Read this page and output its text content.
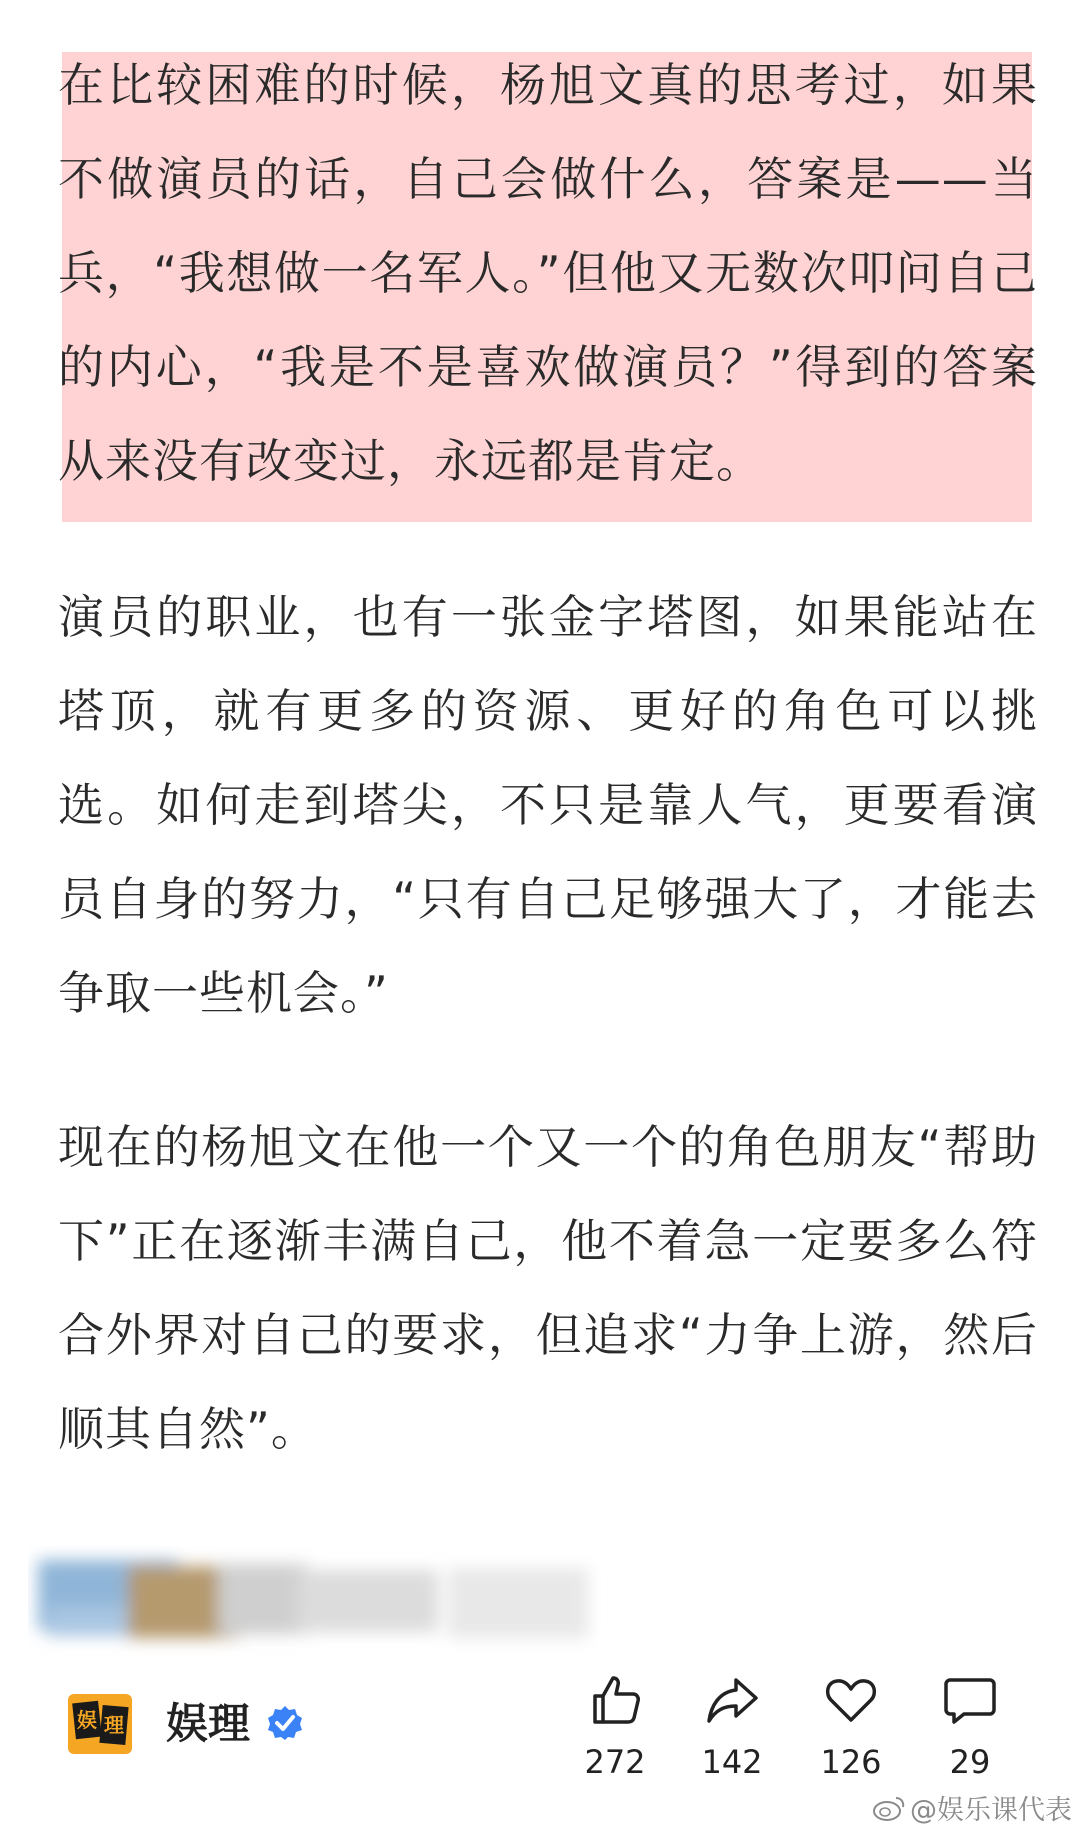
在比较困难的时候，杨旭文真的思考过，如果不做演员的话，自己会做什么，答案是——当兵，“我想做一名军人。”但他又无数次叩问自己的内心，“我是不是喜欢做演员？”得到的答案从来没有改变过，永远都是肯定。
演员的职业，也有一张金字塔图，如果能站在塔顶，就有更多的资源、更好的角色可以挑选。如何走到塔尖，不只是靠人气，更要看演员自身的努力，“只有自己足够强大了，才能去争取一些机会。”
现在的杨旭文在他一个又一个的角色朋友“帮助下”正在逐渐丰满自己，他不着急一定要多么符合外界对自己的要求，但追求“力争上游，然后顺其自然”。
娱 理 娱理
272	142	126	29
@娱乐课代表
